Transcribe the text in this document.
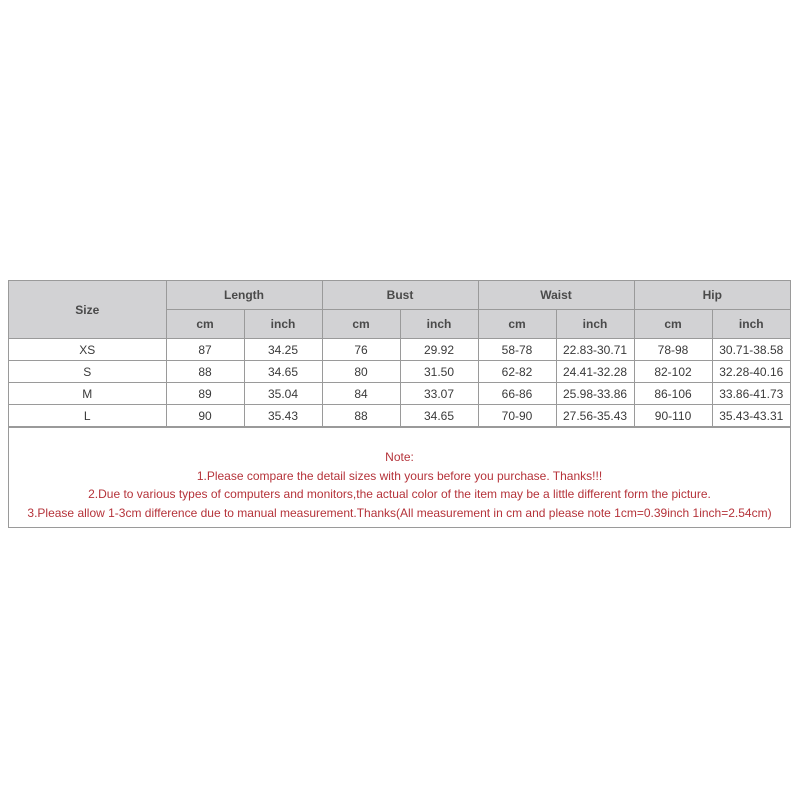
Size	Length		Bust		Waist		Hip	
	cm	inch	cm	inch	cm	inch	cm	inch
XS	87	34.25	76	29.92	58-78	22.83-30.71	78-98	30.71-38.58
S	88	34.65	80	31.50	62-82	24.41-32.28	82-102	32.28-40.16
M	89	35.04	84	33.07	66-86	25.98-33.86	86-106	33.86-41.73
L	90	35.43	88	34.65	70-90	27.56-35.43	90-110	35.43-43.31
Note:
1.Please compare the detail sizes with yours before you purchase. Thanks!!!
2.Due to various types of computers and monitors,the actual color of the item may be a little different form the picture.
3.Please allow 1-3cm difference due to manual measurement.Thanks(All measurement in cm and please note 1cm=0.39inch 1inch=2.54cm)
